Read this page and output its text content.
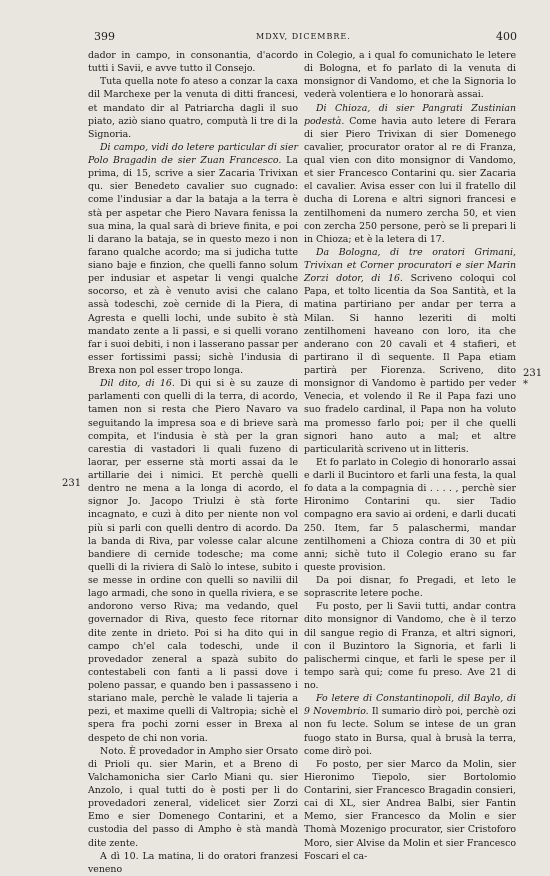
399	MDXV, DICEMBRE.	400
231
231 *

dador in campo, in consonantia, d'acordo tutti i Savii, e avve tutto il Consejo.

Tuta quella note fo ateso a conzar la caxa dil Marchexe per la venuta di ditti francesi, et mandato dir al Patriarcha dagli il suo piato, aziò siano quatro, computà li tre di la Signoria.

Di campo, vidi do letere particular di sier Polo Bragadin de sier Zuan Francesco. La prima, di 15, scrive a sier Zacaria Trivixan qu. sier Benedeto cavalier suo cugnado: come l'indusiar a dar la bataja a la terra è stà per aspetar che Piero Navara fenissa la sua mina, la qual sarà di brieve finita, e poi li darano la bataja, se in questo mezo i non farano qualche acordo; ma si judicha tutte siano baje e finzion, che quelli fanno solum per indusiar et aspetar li vengi qualche socorso, et zà è venuto avisi che calano assà todeschi, zoè cernide di la Piera, di Agresta e quelli lochi, unde subito è stà mandato zente a li passi, e si quelli vorano far i suoi debiti, i non i lasserano passar per esser fortissimi passi; sichè l'indusia di Brexa non pol esser tropo longa.

Dil dito, di 16. Di qui si è su zauze di parlamenti con quelli di la terra, di acordo, tamen non si resta che Piero Navaro va seguitando la impresa soa e di brieve sarà compita, et l'indusia è stà per la gran carestia di vastadori li quali fuzeno di laorar, per esserne stà morti assai da le artillarie dei i nimici. Et perchè quelli dentro ne mena a la longa di acordo, el signor Jo. Jacopo Triulzi è stà forte incagnato, e cuzì à dito per niente non vol più si parli con quelli dentro di acordo. Da la banda di Riva, par volesse calar alcune bandiere di cernide todesche; ma come quelli di la riviera di Salò lo intese, subito i se messe in ordine con quelli so navilii dil lago armadi, che sono in quella riviera, e se andorono verso Riva; ma vedando, quel governador di Riva, questo fece ritornar dite zente in drieto. Poi si ha dito qui in campo ch'el cala todeschi, unde il provedador zeneral a spazà subito do contestabeli con fanti a li passi dove i poleno passar, e quando ben i passasseno i stariano male, perchè le valade li tajeria a pezi, et maxime quelli di Valtropia; sichè el spera fra pochi zorni esser in Brexa al despeto de chi non voria.

Noto. È provedador in Ampho sier Orsato di Prioli qu. sier Marin, et a Breno di Valchamonicha sier Carlo Miani qu. sier Anzolo, i qual tutti do è posti per li do provedadori zeneral, videlicet sier Zorzi Emo e sier Domenego Contarini, et a custodia del passo di Ampho è stà mandà dite zente.

A dì 10. La matina, li do oratori franzesi veneno

in Colegio, a i qual fo comunichato le letere di Bologna, et fo parlato di la venuta di monsignor di Vandomo, et che la Signoria lo vederà volentiera e lo honorarà assai.

Di Chioza, di sier Pangrati Zustinian podestà. Come havia auto letere di Ferara di sier Piero Trivixan di sier Domenego cavalier, procurator orator al re di Franza, qual vien con dito monsignor di Vandomo, et sier Francesco Contarini qu. sier Zacaria el cavalier. Avisa esser con lui il fratello dil ducha di Lorena e altri signori francesi e zentilhomeni da numero zercha 50, et vien con zercha 250 persone, però se li prepari li in Chioza; et è la letera di 17.

Da Bologna, di tre oratori Grimani, Trivixan et Corner procuratori e sier Marin Zorzi dotor, di 16. Scriveno coloqui col Papa, et tolto licentia da Soa Santità, et la matina partiriano per andar per terra a Milan. Si hanno lezeriti di molti zentilhomeni haveano con loro, ita che anderano con 20 cavali et 4 stafieri, et partirano il dì sequente. Il Papa etiam partirà per Fiorenza. Scriveno, dito monsignor di Vandomo è partido per veder Venecia, et volendo il Re il Papa fazi uno suo fradelo cardinal, il Papa non ha voluto ma promesso farlo poi; per il che quelli signori hano auto a mal; et altre particularità scriveno ut in litteris.

Et fo parlato in Colegio di honorarlo assai e darli il Bucintoro et farli una festa, la qual fo data a la compagnia di . . . . , perchè sier Hironimo Contarini qu. sier Tadio compagno era savio ai ordeni, e darli ducati 250. Item, far 5 palaschermi, mandar zentilhomeni a Chioza contra di 30 et più anni; sichè tuto il Colegio erano su far queste provision.

Da poi disnar, fo Pregadi, et leto le soprascrite letere poche.

Fu posto, per li Savii tutti, andar contra dito monsignor di Vandomo, che è il terzo dil sangue regio di Franza, et altri signori, con il Buzintoro la Signoria, et farli li palischermi cinque, et farli le spese per il tempo sarà qui; come fu preso. Ave 21 di no.

Fo letere di Constantinopoli, dil Baylo, di 9 Novembrio. Il sumario dirò poi, perchè ozi non fu lecte. Solum se intese de un gran fuogo stato in Bursa, qual à brusà la terra, come dirò poi.

Fo posto, per sier Marco da Molin, sier Hieronimo Tiepolo, sier Bortolomio Contarini, sier Francesco Bragadin consieri, cai di XL, sier Andrea Balbi, sier Fantin Memo, sier Francesco da Molin e sier Thomà Mozenigo procurator, sier Cristoforo Moro, sier Alvise da Molin et sier Francesco Foscari el ca-
